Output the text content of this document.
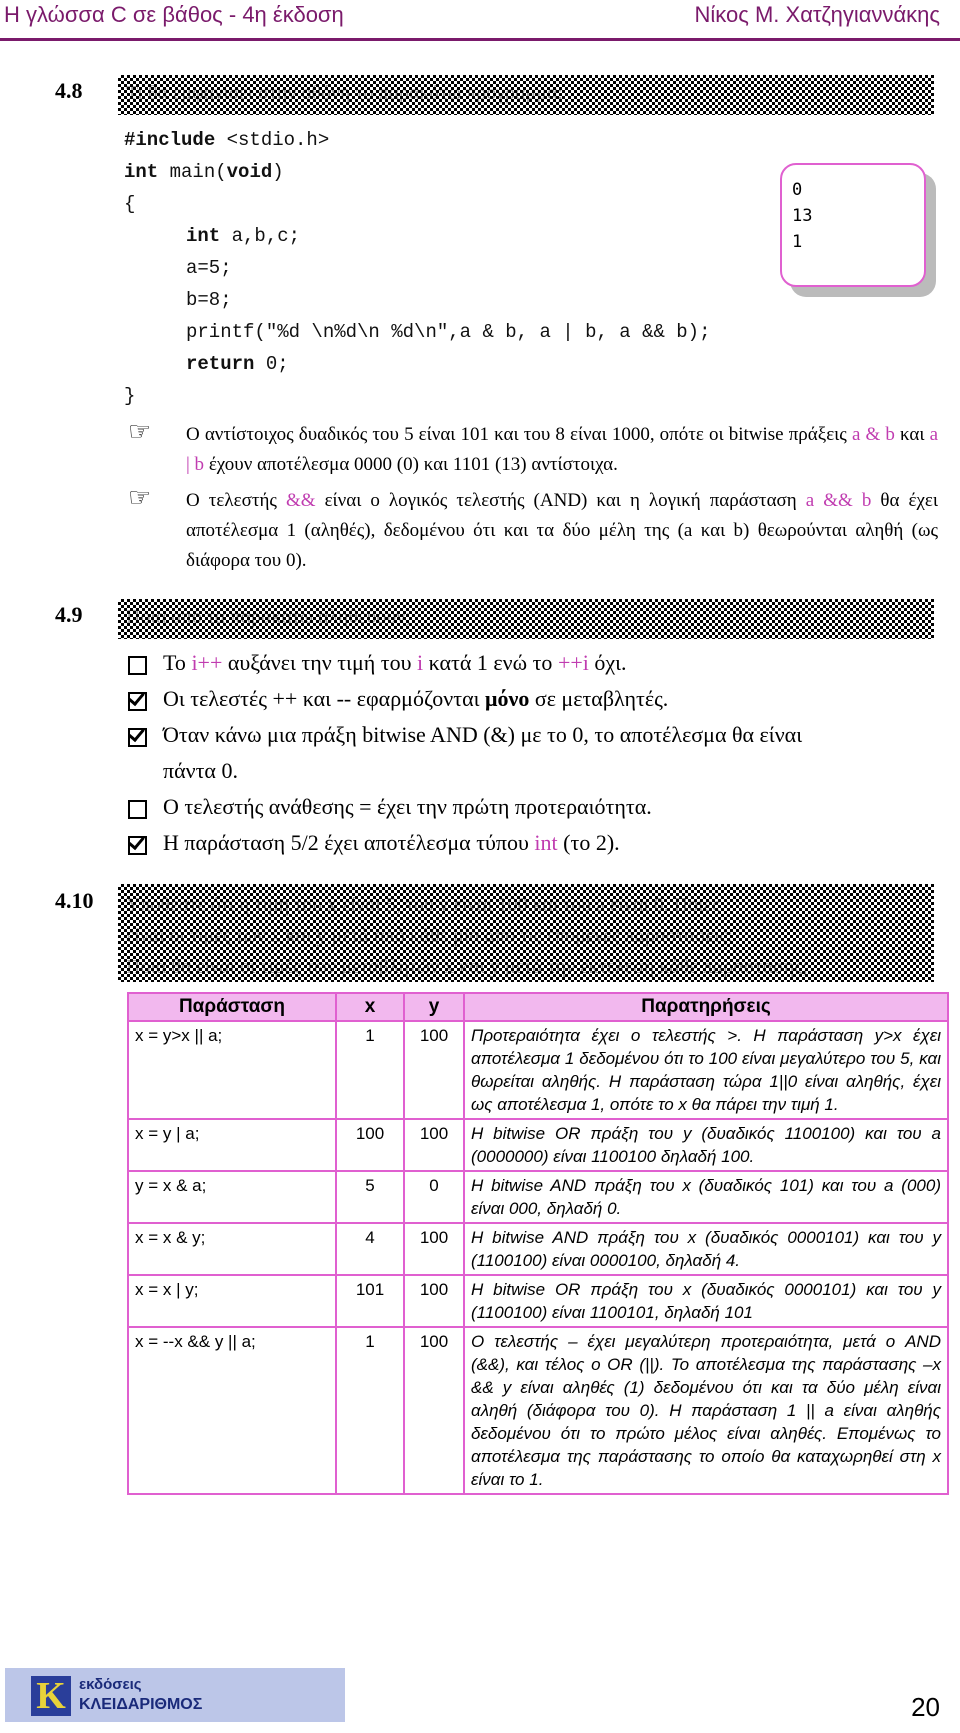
Η γλώσσα C σε βάθος - 4η έκδοση	Νίκος Μ. Χατζηγιαννάκης
4.8 Τι θα εμφανίσει στην οθόνη το παρακάτω πρόγραμμα;
#include <stdio.h>
int main(void)
{
int a,b,c;
a=5;
b=8;
printf("%d \n%d\n %d\n",a & b, a | b, a && b);
return 0;
}
0
13
1
☞ Ο αντίστοιχος δυαδικός του 5 είναι 101 και του 8 είναι 1000, οπότε οι bitwise πράξεις a & b και a | b έχουν αποτέλεσμα 0000 (0) και 1101 (13) αντίστοιχα.
☞ Ο τελεστής && είναι ο λογικός τελεστής (AND) και η λογική παράσταση a && b θα έχει αποτέλεσμα 1 (αληθές), δεδομένου ότι και τα δύο μέλη της (a και b) θεωρούνται αληθή (ως διάφορα του 0).
4.9 Ποια από τα παρακάτω αληθεύουν;
Το i++ αυξάνει την τιμή του i κατά 1 ενώ το ++i όχι.
Οι τελεστές ++ και -- εφαρμόζονται μόνο σε μεταβλητές.
Όταν κάνω μια πράξη bitwise AND (&) με το 0, το αποτέλεσμα θα είναι
πάντα 0.
Ο τελεστής ανάθεσης = έχει την πρώτη προτεραιότητα.
Η παράσταση 5/2 έχει αποτέλεσμα τύπου int (το 2).
4.10 Υποθέστε ότι η τιμή του x είναι 5, του y είναι 100 και του a είναι 0. Ποιες
είναι οι τιμές των x και y μετά από κάθε μία από τις επόμενες παραστάσεις;
Ποια θα είναι οι τιμές των μεταβλητών x και y μετά την εκτέλεση κάθε παράστασης;
Παράσταση	x	y	Παρατηρήσεις
x = y>x || a;	1	100	Προτεραιότητα έχει ο τελεστής >. Η παράσταση y>x έχει αποτέλεσμα 1 δεδομένου ότι το 100 είναι μεγαλύτερο του 5, και θωρείται αληθής. Η παράσταση τώρα 1||0 είναι αληθής, έχει ως αποτέλεσμα 1, οπότε το x θα πάρει την τιμή 1.
x = y | a;	100	100	Η bitwise OR πράξη του y (δυαδικός 1100100) και του a (0000000) είναι 1100100 δηλαδή 100.
y = x & a;	5	0	Η bitwise AND πράξη του x (δυαδικός 101) και του a (000) είναι 000, δηλαδή 0.
x = x & y;	4	100	Η bitwise AND πράξη του x (δυαδικός 0000101) και του y (1100100) είναι 0000100, δηλαδή 4.
x = x | y;	101	100	Η bitwise OR πράξη του x (δυαδικός 0000101) και του y (1100100) είναι 1100101, δηλαδή 101
x = --x && y || a;	1	100	Ο τελεστής – έχει μεγαλύτερη προτεραιότητα, μετά ο AND (&&), και τέλος ο OR (||). Το αποτέλεσμα της παράστασης –x && y είναι αληθές (1) δεδομένου ότι και τα δύο μέλη είναι αληθή (διάφορα του 0). Η παράσταση 1 || a είναι αληθής δεδομένου ότι το πρώτο μέλος είναι αληθές. Επομένως το αποτέλεσμα της παράστασης το οποίο θα καταχωρηθεί στη x είναι το 1.
K εκδόσεις
ΚΛΕΙΔΑΡΙΘΜΟΣ	20
